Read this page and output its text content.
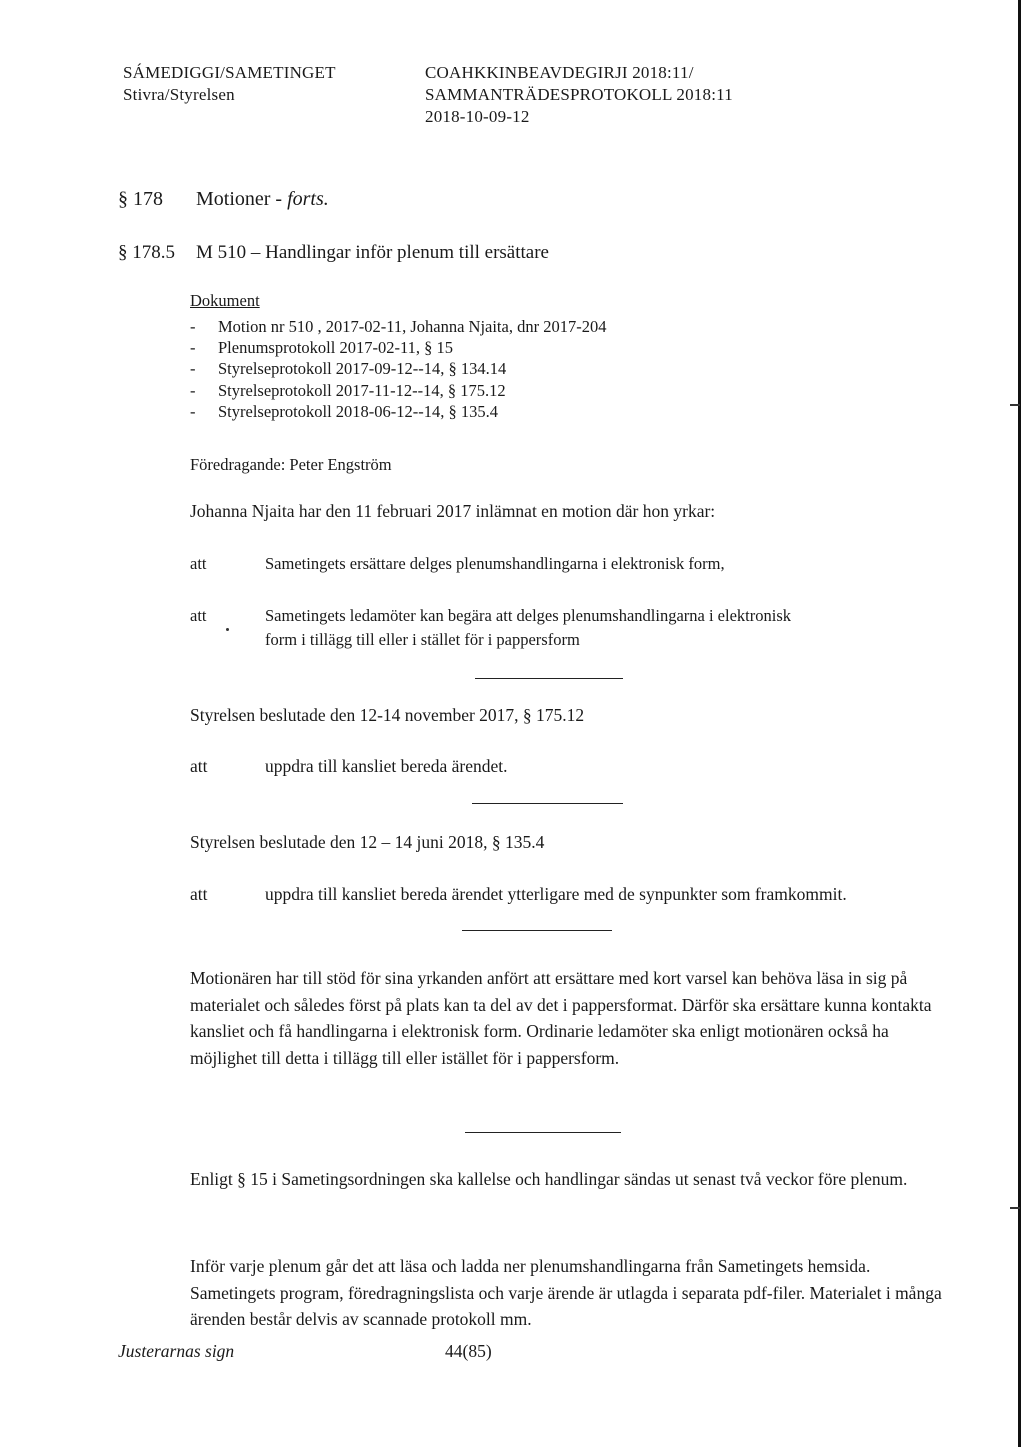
SÁMEDIGGI/SAMETINGET
Stivra/Styrelsen
COAHKKINBEAVDEGIRJI 2018:11/
SAMMANTRÄDESPROTOKOLL 2018:11
2018-10-09-12
§ 178 Motioner - forts.
§ 178.5 M 510 – Handlingar inför plenum till ersättare
Dokument
- Motion nr 510 , 2017-02-11, Johanna Njaita, dnr 2017-204
- Plenumsprotokoll 2017-02-11, § 15
- Styrelseprotokoll 2017-09-12--14, § 134.14
- Styrelseprotokoll 2017-11-12--14, § 175.12
- Styrelseprotokoll 2018-06-12--14, § 135.4
Föredragande: Peter Engström
Johanna Njaita har den 11 februari 2017 inlämnat en motion där hon yrkar:
att	Sametingets ersättare delges plenumshandlingarna i elektronisk form,
att	Sametingets ledamöter kan begära att delges plenumshandlingarna i elektronisk
form i tillägg till eller i stället för i pappersform
Styrelsen beslutade den 12-14 november 2017, § 175.12
att	uppdra till kansliet bereda ärendet.
Styrelsen beslutade den 12 – 14 juni 2018, § 135.4
att	uppdra till kansliet bereda ärendet ytterligare med de synpunkter som framkommit.
Motionären har till stöd för sina yrkanden anfört att ersättare med kort varsel kan behöva läsa in sig på materialet och således först på plats kan ta del av det i pappersformat. Därför ska ersättare kunna kontakta kansliet och få handlingarna i elektronisk form. Ordinarie ledamöter ska enligt motionären också ha möjlighet till detta i tillägg till eller istället för i pappersform.
Enligt § 15 i Sametingsordningen ska kallelse och handlingar sändas ut senast två veckor före plenum.
Inför varje plenum går det att läsa och ladda ner plenumshandlingarna från Sametingets hemsida. Sametingets program, föredragningslista och varje ärende är utlagda i separata pdf-filer. Materialet i många ärenden består delvis av scannade protokoll mm.
Justerarnas sign	44(85)
